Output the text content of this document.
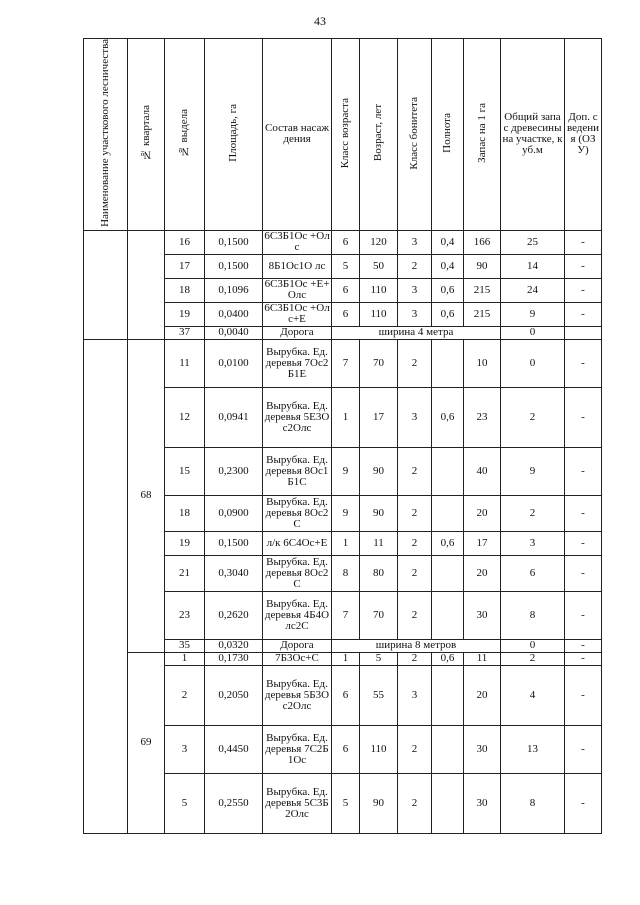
43
Наименование участкового лесничества	№ квартала	№ выдела	Площадь, га	Состав насаждения	Класс возраста	Возраст, лет	Класс бонитета	Полнота	Запас на 1 га	Общий запас древесины на участке, куб.м	Доп. сведения (ОЗУ)
		16	0,1500	6С3Б1Ос +Олс	6	120	3	0,4	166	25	-
		17	0,1500	8Б1Ос1О лс	5	50	2	0,4	90	14	-
		18	0,1096	6С3Б1Ос +Е+Олс	6	110	3	0,6	215	24	-
		19	0,0400	6С3Б1Ос +Олс+Е	6	110	3	0,6	215	9	-
		37	0,0040	Дорога	ширина 4 метра					0	
	68	11	0,0100	Вырубка. Ед.деревья 7Ос2Б1Е	7	70	2		10	0	-
		12	0,0941	Вырубка. Ед.деревья 5Е3Ос2Олс	1	17	3	0,6	23	2	-
		15	0,2300	Вырубка. Ед.деревья 8Ос1Б1С	9	90	2		40	9	-
		18	0,0900	Вырубка. Ед.деревья 8Ос2С	9	90	2		20	2	-
		19	0,1500	л/к 6С4Ос+Е	1	11	2	0,6	17	3	-
		21	0,3040	Вырубка. Ед.деревья 8Ос2С	8	80	2		20	6	-
		23	0,2620	Вырубка. Ед.деревья 4Б4Олс2С	7	70	2		30	8	-
		35	0,0320	Дорога	ширина 8 метров					0	-
	69	1	0,1730	7Б3Ос+С	1	5	2	0,6	11	2	-
		2	0,2050	Вырубка. Ед.деревья 5Б3Ос2Олс	6	55	3		20	4	-
		3	0,4450	Вырубка. Ед.деревья 7С2Б1Ос	6	110	2		30	13	-
		5	0,2550	Вырубка. Ед.деревья 5С3Б2Олс	5	90	2		30	8	-
